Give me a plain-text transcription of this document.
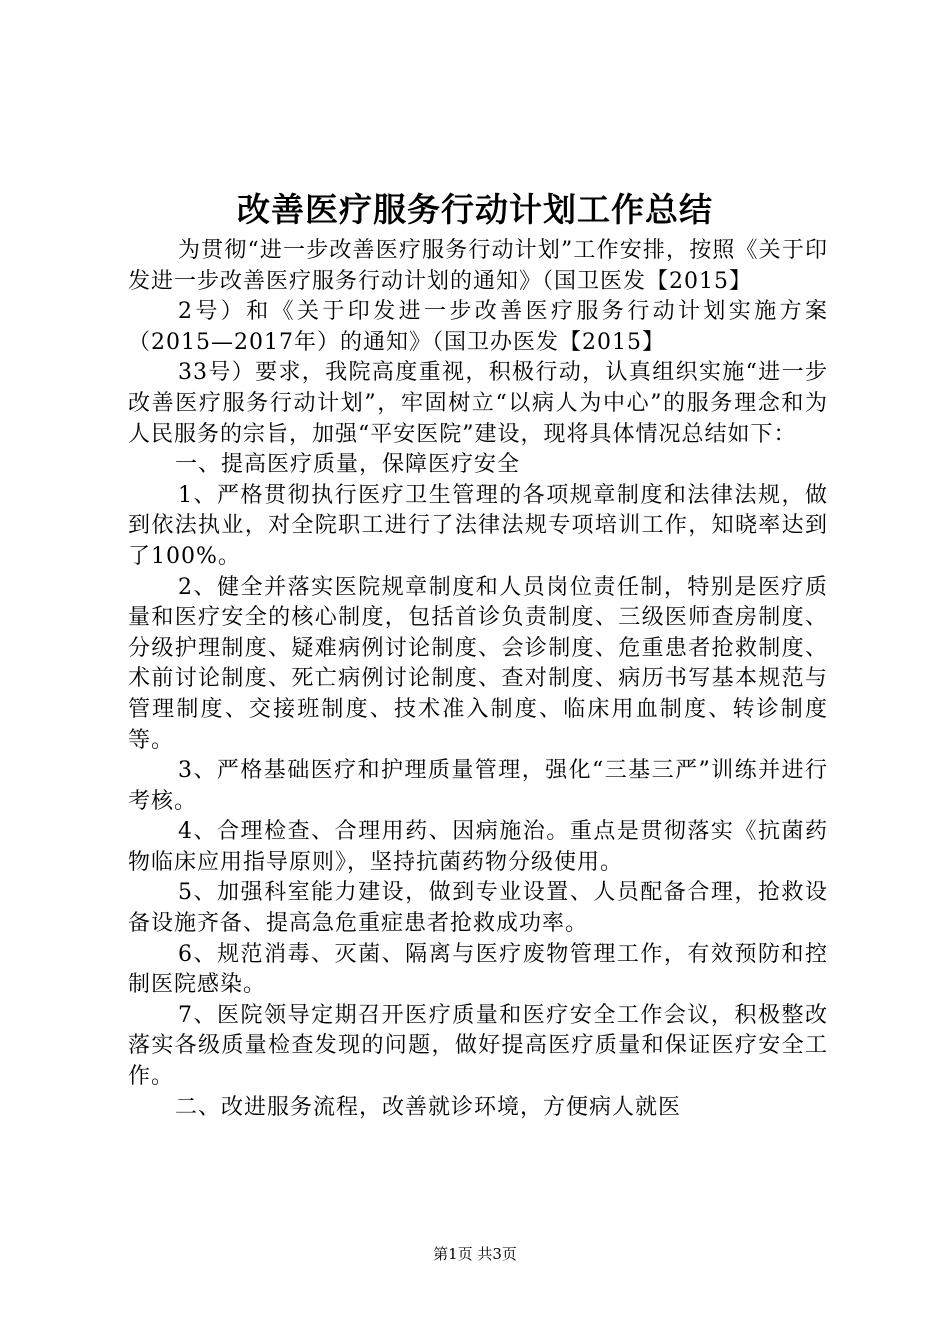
改善医疗服务行动计划工作总结

为贯彻“进一步改善医疗服务行动计划”工作安排，按照《关于印发进一步改善医疗服务行动计划的通知》（国卫医发【2015】

2号）和《关于印发进一步改善医疗服务行动计划实施方案（2015—2017年）的通知》（国卫办医发【2015】

33号）要求，我院高度重视，积极行动，认真组织实施“进一步改善医疗服务行动计划”，牢固树立“以病人为中心”的服务理念和为人民服务的宗旨，加强“平安医院”建设，现将具体情况总结如下：

一、提高医疗质量，保障医疗安全

1、严格贯彻执行医疗卫生管理的各项规章制度和法律法规，做到依法执业，对全院职工进行了法律法规专项培训工作，知晓率达到了100%。

2、健全并落实医院规章制度和人员岗位责任制，特别是医疗质量和医疗安全的核心制度，包括首诊负责制度、三级医师查房制度、分级护理制度、疑难病例讨论制度、会诊制度、危重患者抢救制度、术前讨论制度、死亡病例讨论制度、查对制度、病历书写基本规范与管理制度、交接班制度、技术准入制度、临床用血制度、转诊制度等。

3、严格基础医疗和护理质量管理，强化“三基三严”训练并进行考核。

4、合理检查、合理用药、因病施治。重点是贯彻落实《抗菌药物临床应用指导原则》，坚持抗菌药物分级使用。

5、加强科室能力建设，做到专业设置、人员配备合理，抢救设备设施齐备、提高急危重症患者抢救成功率。

6、规范消毒、灭菌、隔离与医疗废物管理工作，有效预防和控制医院感染。

7、医院领导定期召开医疗质量和医疗安全工作会议，积极整改落实各级质量检查发现的问题，做好提高医疗质量和保证医疗安全工作。

二、改进服务流程，改善就诊环境，方便病人就医

第1页 共3页
